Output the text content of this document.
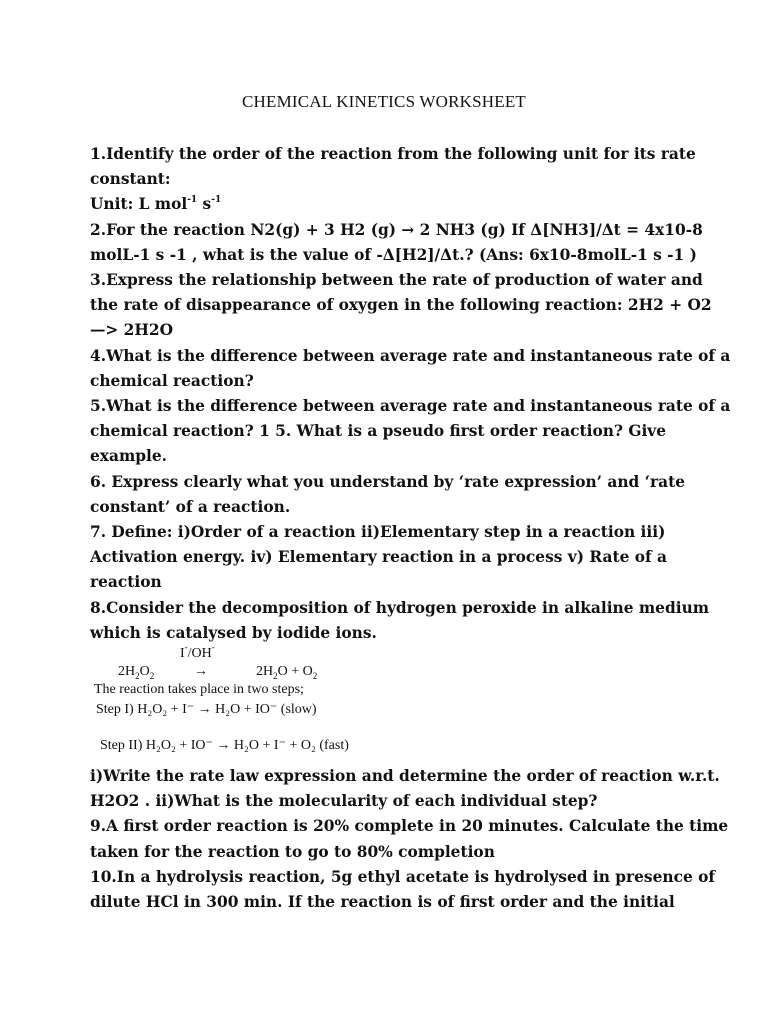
CHEMICAL KINETICS WORKSHEET
1.Identify the order of the reaction from the following unit for its rate
constant:
Unit: L mol$^{-1}$ $s^{-1}$
2.For the reaction N2(g) + 3 H2 (g) → 2 NH3 (g) If Δ[NH3]/Δt = 4x10-8
molL-1 s -1 , what is the value of -Δ[H2]/Δt.? (Ans: 6x10-8molL-1 s -1 )
3.Express the relationship between the rate of production of water and
the rate of disappearance of oxygen in the following reaction: 2H2 + O2
—> 2H2O
4.What is the difference between average rate and instantaneous rate of a
chemical reaction?
5.What is the difference between average rate and instantaneous rate of a
chemical reaction? 1 5. What is a pseudo first order reaction? Give
example.
6. Express clearly what you understand by ‘rate expression’ and ‘rate
constant’ of a reaction.
7. Define: i)Order of a reaction ii)Elementary step in a reaction iii)
Activation energy. iv) Elementary reaction in a process v) Rate of a
reaction
8.Consider the decomposition of hydrogen peroxide in alkaline medium
which is catalysed by iodide ions.
I-/OH-
$2H_2O_2$	→	$2H_2O + O_2$
The reaction takes place in two steps;
Step I) H₂O₂ + I⁻ → H₂O + IO⁻ (slow)
Step II) H₂O₂ + IO⁻ → H₂O + I⁻ + O₂ (fast)
i)Write the rate law expression and determine the order of reaction w.r.t.
H2O2 . ii)What is the molecularity of each individual step?
9.A first order reaction is 20% complete in 20 minutes. Calculate the time
taken for the reaction to go to 80% completion
10.In a hydrolysis reaction, 5g ethyl acetate is hydrolysed in presence of
dilute HCl in 300 min. If the reaction is of first order and the initial
